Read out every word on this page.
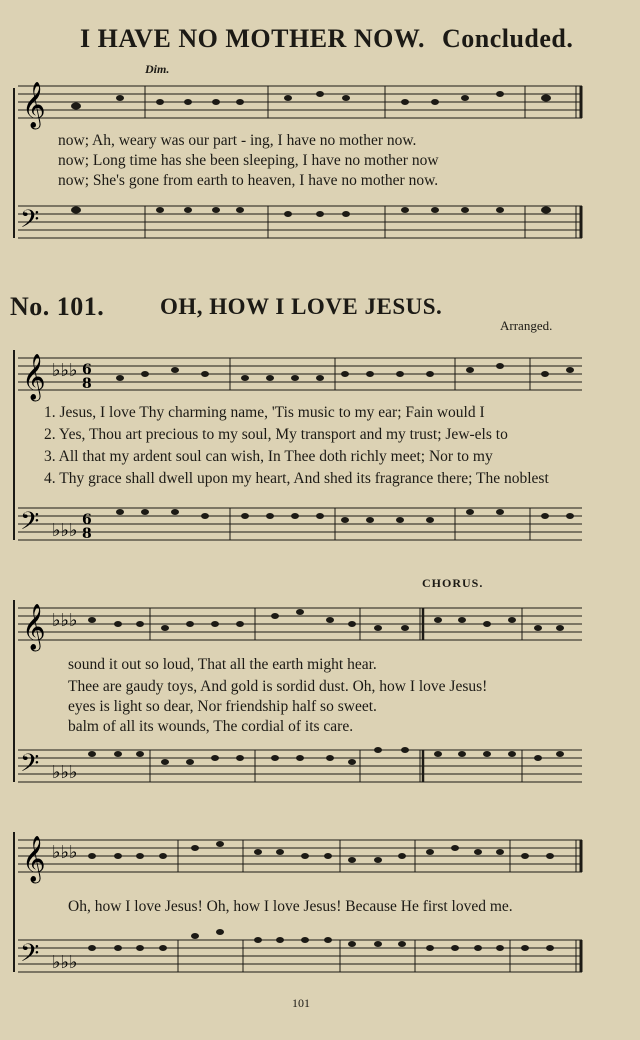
I HAVE NO MOTHER NOW. Concluded.
Dim.
𝄞
now; Ah, weary was our part - ing, I have no mother now.
now; Long time has she been sleeping, I have no mother now
now; She's gone from earth to heaven, I have no mother now.
𝄢
No. 101. OH, HOW I LOVE JESUS.
Arranged.
𝄞 ♭♭♭ 6
8
1. Jesus, I love Thy charming name, 'Tis music to my ear; Fain would I
2. Yes, Thou art precious to my soul, My transport and my trust; Jew-els to
3. All that my ardent soul can wish, In Thee doth richly meet; Nor to my
4. Thy grace shall dwell upon my heart, And shed its fragrance there; The noblest
𝄢 ♭♭♭ 6
8
CHORUS.
𝄞 ♭♭♭
sound it out so loud, That all the earth might hear.
Thee are gaudy toys, And gold is sordid dust. Oh, how I love Jesus!
eyes is light so dear, Nor friendship half so sweet.
balm of all its wounds, The cordial of its care.
𝄢 ♭♭♭
𝄞 ♭♭♭
Oh, how I love Jesus! Oh, how I love Jesus! Because He first loved me.
𝄢 ♭♭♭
101
